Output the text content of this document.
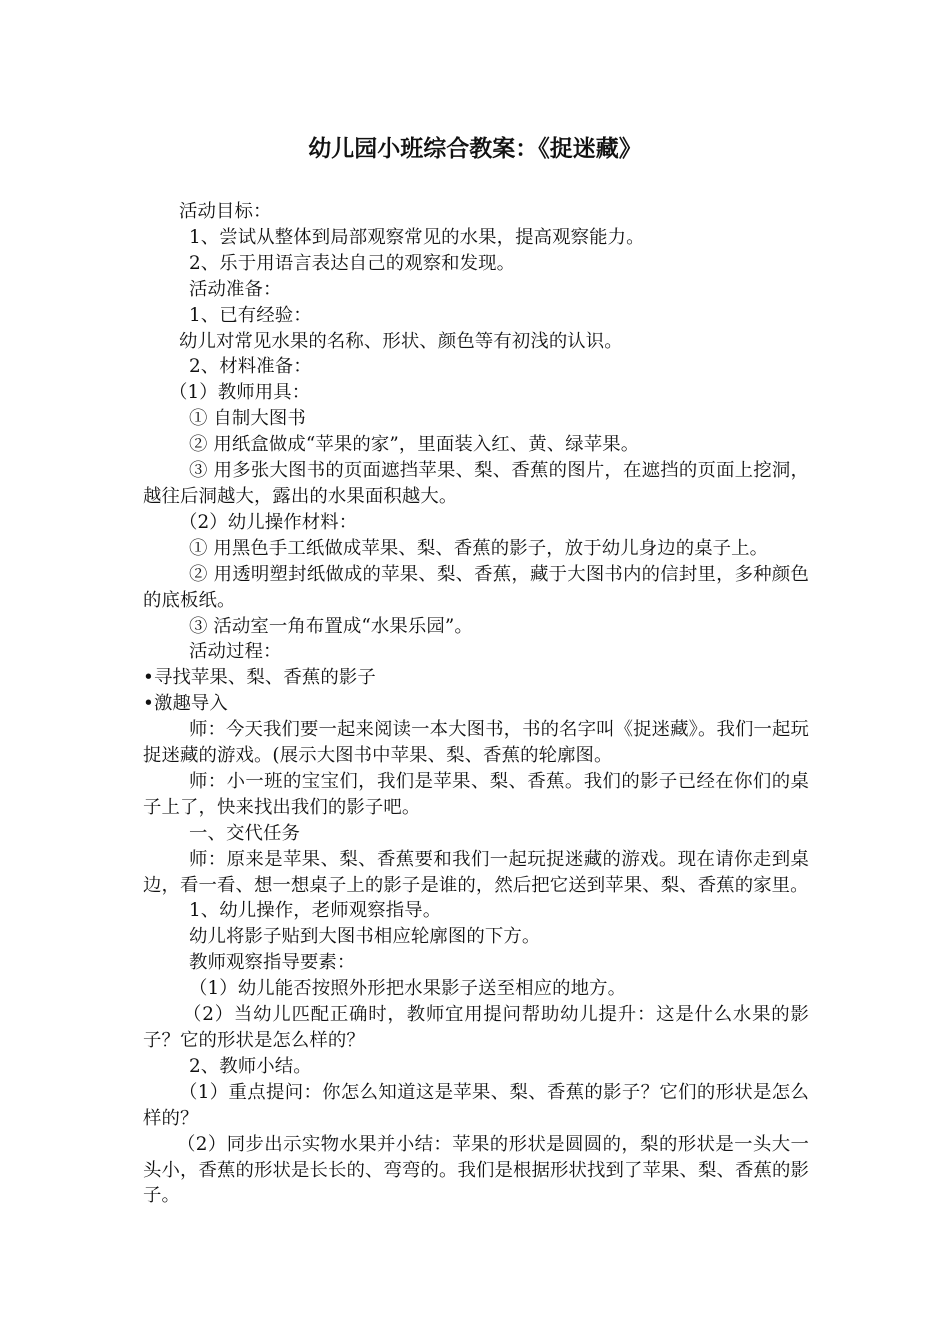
幼儿园小班综合教案：《捉迷藏》

活动目标：

1、尝试从整体到局部观察常见的水果，提高观察能力。

2、乐于用语言表达自己的观察和发现。

活动准备：

1、已有经验：

幼儿对常见水果的名称、形状、颜色等有初浅的认识。

2、材料准备：

（1）教师用具：

① 自制大图书

② 用纸盒做成“苹果的家”，里面装入红、黄、绿苹果。

③ 用多张大图书的页面遮挡苹果、梨、香蕉的图片，在遮挡的页面上挖洞，越往后洞越大，露出的水果面积越大。

（2）幼儿操作材料：

① 用黑色手工纸做成苹果、梨、香蕉的影子，放于幼儿身边的桌子上。

② 用透明塑封纸做成的苹果、梨、香蕉，藏于大图书内的信封里，多种颜色的底板纸。

③ 活动室一角布置成“水果乐园”。

活动过程：

•寻找苹果、梨、香蕉的影子

•激趣导入

师：今天我们要一起来阅读一本大图书，书的名字叫《捉迷藏》。我们一起玩捉迷藏的游戏。(展示大图书中苹果、梨、香蕉的轮廓图。

师：小一班的宝宝们，我们是苹果、梨、香蕉。我们的影子已经在你们的桌子上了，快来找出我们的影子吧。

一、交代任务

师：原来是苹果、梨、香蕉要和我们一起玩捉迷藏的游戏。现在请你走到桌边，看一看、想一想桌子上的影子是谁的，然后把它送到苹果、梨、香蕉的家里。

1、幼儿操作，老师观察指导。

幼儿将影子贴到大图书相应轮廓图的下方。

教师观察指导要素：

（1）幼儿能否按照外形把水果影子送至相应的地方。

（2）当幼儿匹配正确时，教师宜用提问帮助幼儿提升：这是什么水果的影子？它的形状是怎么样的？

2、教师小结。

（1）重点提问：你怎么知道这是苹果、梨、香蕉的影子？它们的形状是怎么样的？

（2）同步出示实物水果并小结：苹果的形状是圆圆的，梨的形状是一头大一头小，香蕉的形状是长长的、弯弯的。我们是根据形状找到了苹果、梨、香蕉的影子。
